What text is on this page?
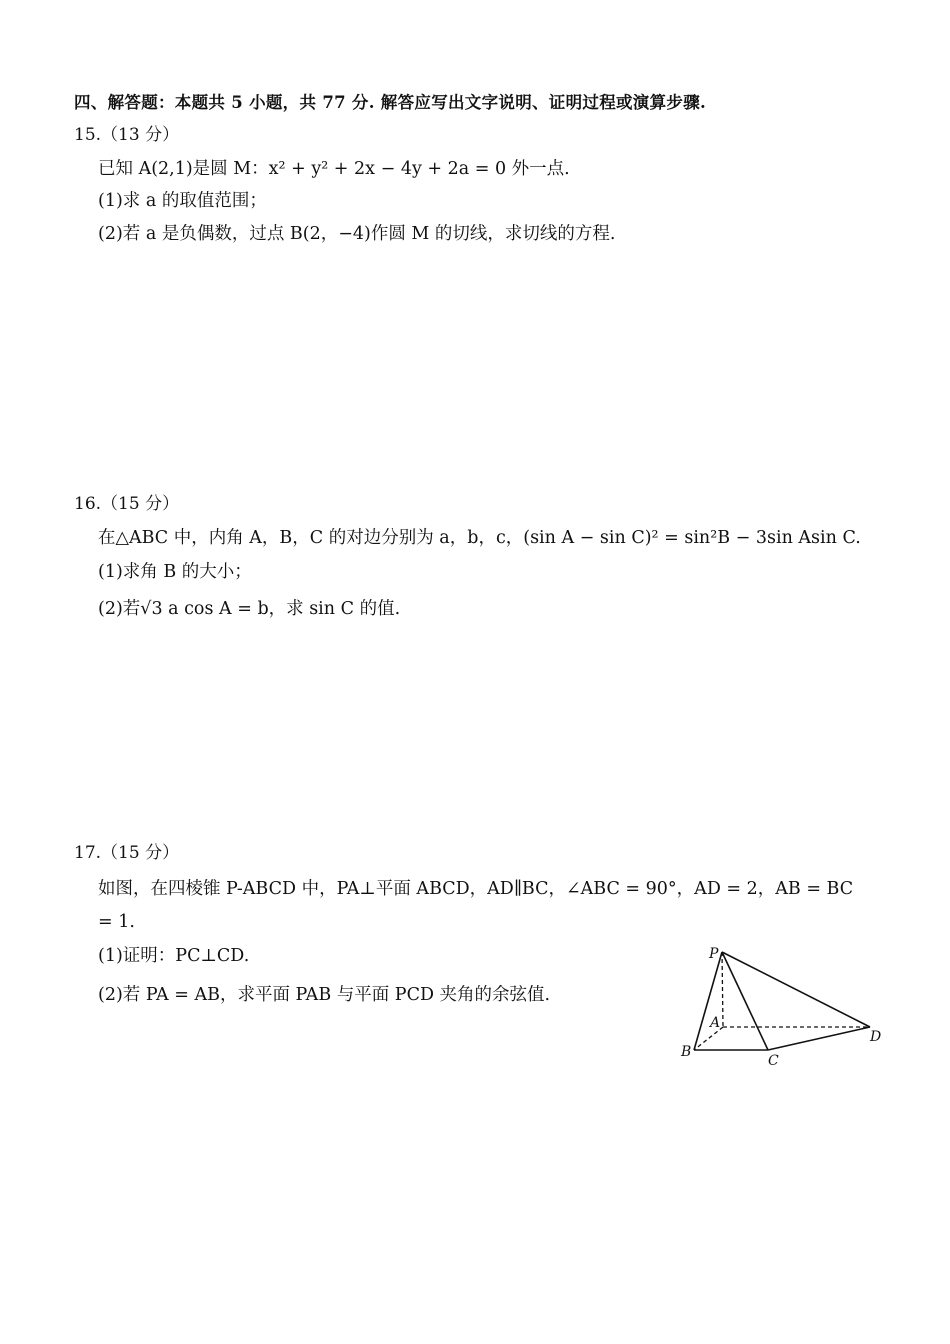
四、解答题：本题共 5 小题，共 77 分. 解答应写出文字说明、证明过程或演算步骤.
15.（13 分）
已知 A(2,1)是圆 M：x² + y² + 2x − 4y + 2a = 0 外一点.
(1)求 a 的取值范围；
(2)若 a 是负偶数，过点 B(2，−4)作圆 M 的切线，求切线的方程.
16.（15 分）
在△ABC 中，内角 A，B，C 的对边分别为 a，b，c，(sin A − sin C)² = sin²B − 3sin Asin C.
(1)求角 B 的大小；
(2)若√3 a cos A = b，求 sin C 的值.
17.（15 分）
如图，在四棱锥 P-ABCD 中，PA⊥平面 ABCD，AD∥BC，∠ABC = 90°，AD = 2，AB = BC
= 1.
(1)证明：PC⊥CD.
(2)若 PA = AB，求平面 PAB 与平面 PCD 夹角的余弦值.
P
A
B
C
D
